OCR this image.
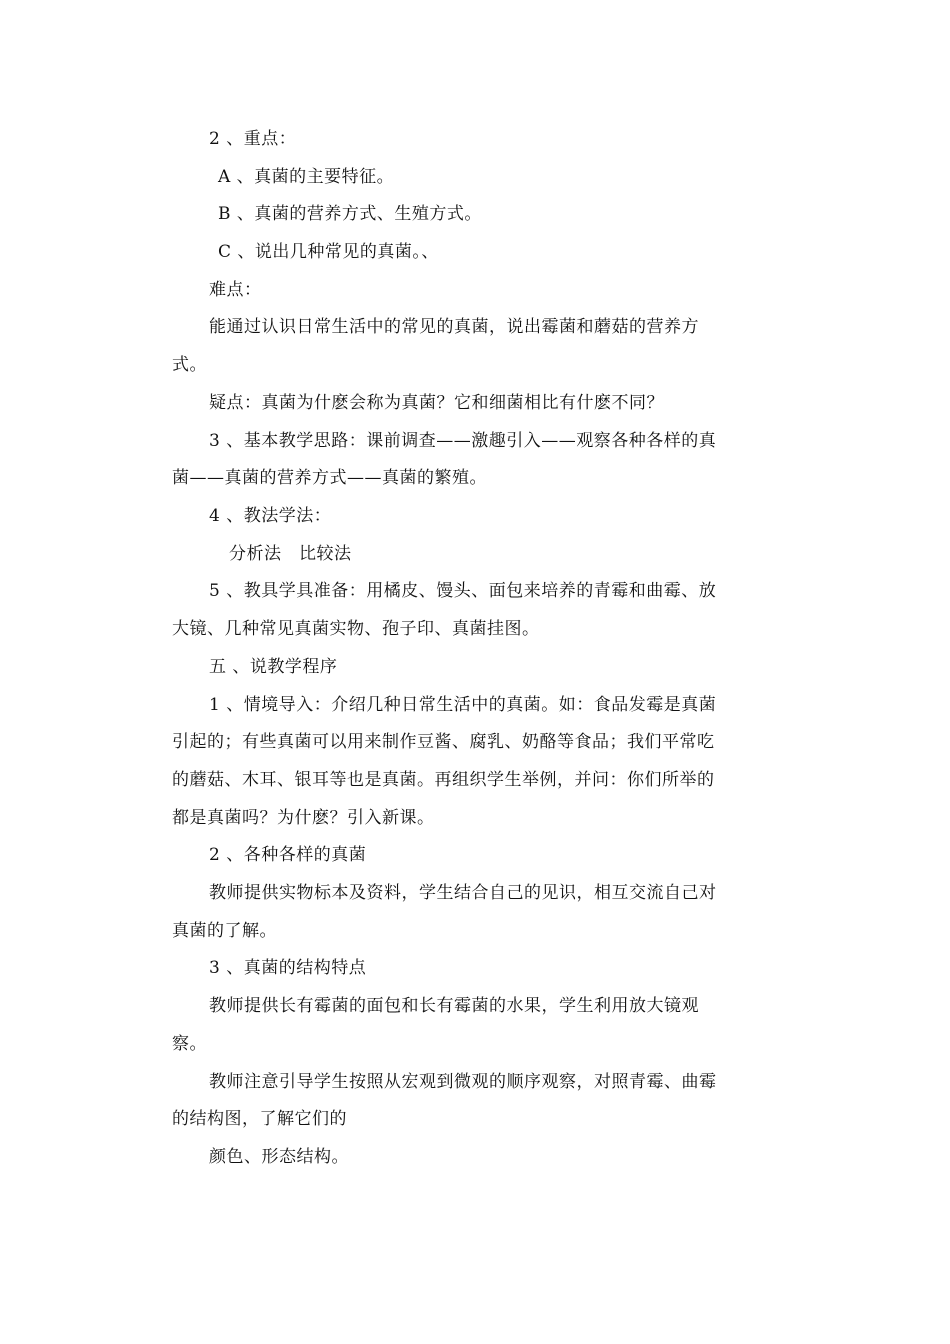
2 、重点：
A 、真菌的主要特征。
B 、真菌的营养方式、生殖方式。
C 、说出几种常见的真菌。、
难点：
能通过认识日常生活中的常见的真菌，说出霉菌和蘑菇的营养方
式。
疑点：真菌为什麽会称为真菌？它和细菌相比有什麽不同？
3 、基本教学思路：课前调查——激趣引入——观察各种各样的真
菌——真菌的营养方式——真菌的繁殖。
4 、教法学法：
分析法　比较法
5 、教具学具准备：用橘皮、馒头、面包来培养的青霉和曲霉、放
大镜、几种常见真菌实物、孢子印、真菌挂图。
五 、说教学程序
1 、情境导入：介绍几种日常生活中的真菌。如：食品发霉是真菌
引起的；有些真菌可以用来制作豆酱、腐乳、奶酪等食品；我们平常吃
的蘑菇、木耳、银耳等也是真菌。再组织学生举例，并问：你们所举的
都是真菌吗？为什麽？引入新课。
2 、各种各样的真菌
教师提供实物标本及资料，学生结合自己的见识，相互交流自己对
真菌的了解。
3 、真菌的结构特点
教师提供长有霉菌的面包和长有霉菌的水果，学生利用放大镜观
察。
教师注意引导学生按照从宏观到微观的顺序观察，对照青霉、曲霉
的结构图，了解它们的
颜色、形态结构。
